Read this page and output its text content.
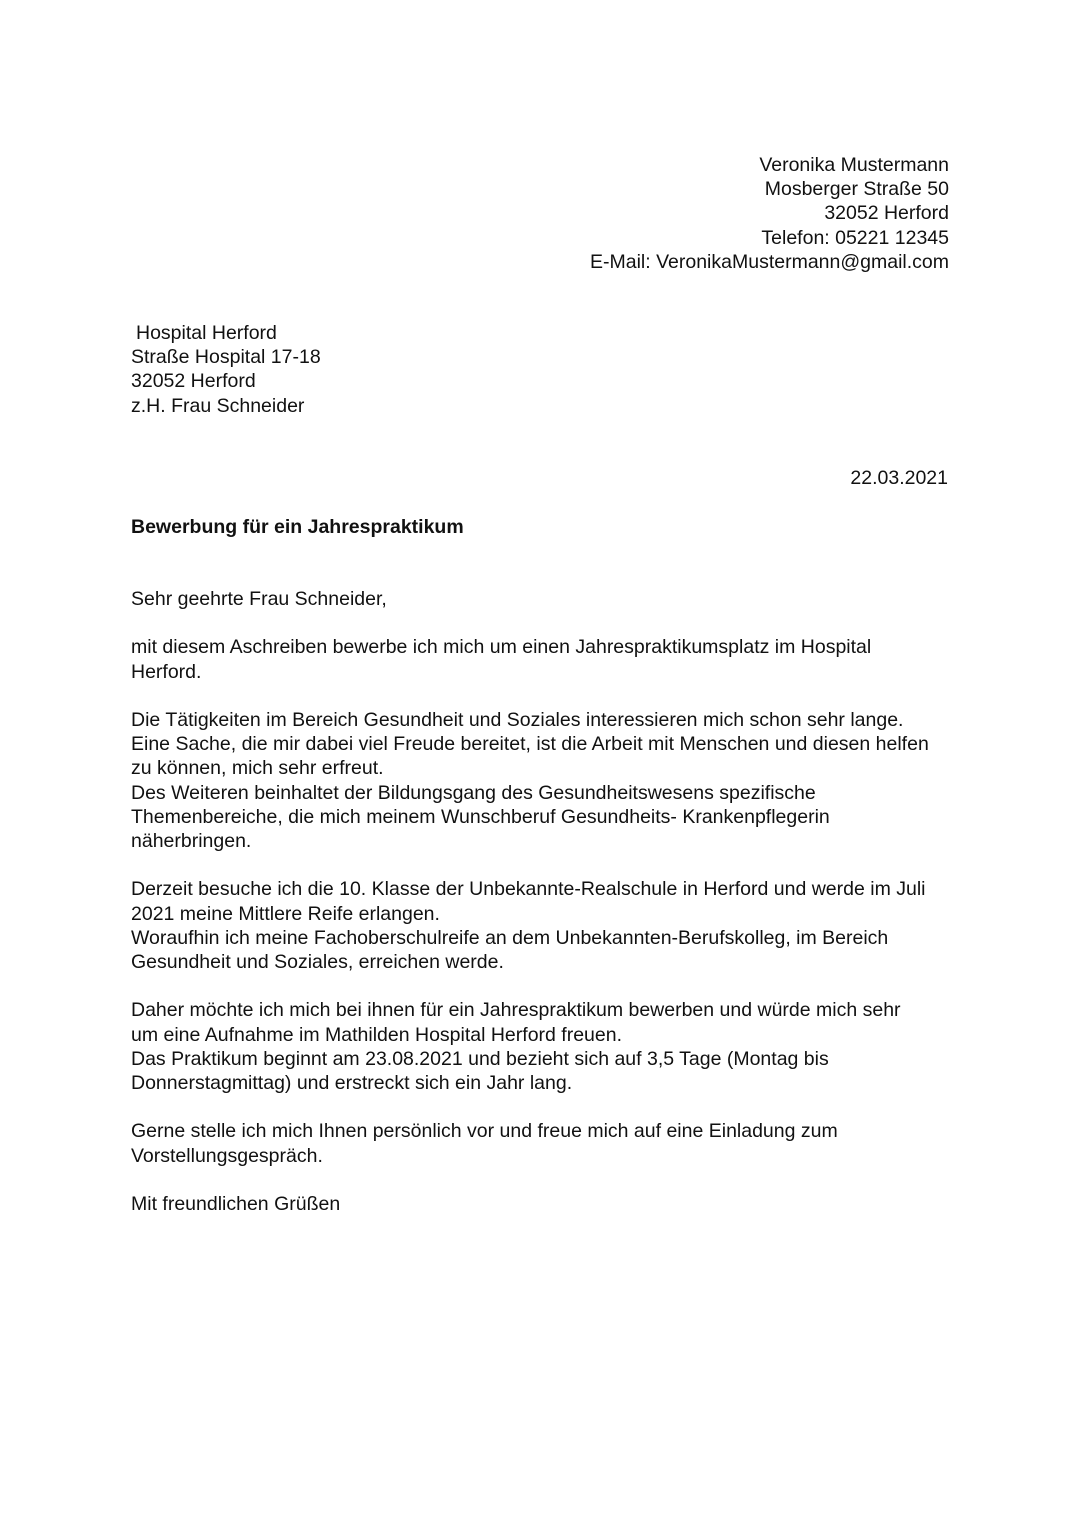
Veronika Mustermann
Mosberger Straße 50
32052 Herford
Telefon: 05221 12345
E-Mail: VeronikaMustermann@gmail.com
Hospital Herford
Straße Hospital 17-18
32052 Herford
z.H. Frau Schneider
22.03.2021
Bewerbung für ein Jahrespraktikum
Sehr geehrte Frau Schneider,
mit diesem Aschreiben bewerbe ich mich um einen Jahrespraktikumsplatz im Hospital
Herford.
Die Tätigkeiten im Bereich Gesundheit und Soziales interessieren mich schon sehr lange.
Eine Sache, die mir dabei viel Freude bereitet, ist die Arbeit mit Menschen und diesen helfen
zu können, mich sehr erfreut.
Des Weiteren beinhaltet der Bildungsgang des Gesundheitswesens spezifische
Themenbereiche, die mich meinem Wunschberuf Gesundheits- Krankenpflegerin
näherbringen.
Derzeit besuche ich die 10. Klasse der Unbekannte-Realschule in Herford und werde im Juli
2021 meine Mittlere Reife erlangen.
Woraufhin ich meine Fachoberschulreife an dem Unbekannten-Berufskolleg, im Bereich
Gesundheit und Soziales, erreichen werde.
Daher möchte ich mich bei ihnen für ein Jahrespraktikum bewerben und würde mich sehr
um eine Aufnahme im Mathilden Hospital Herford freuen.
Das Praktikum beginnt am 23.08.2021 und bezieht sich auf 3,5 Tage (Montag bis
Donnerstagmittag) und erstreckt sich ein Jahr lang.
Gerne stelle ich mich Ihnen persönlich vor und freue mich auf eine Einladung zum
Vorstellungsgespräch.
Mit freundlichen Grüßen
